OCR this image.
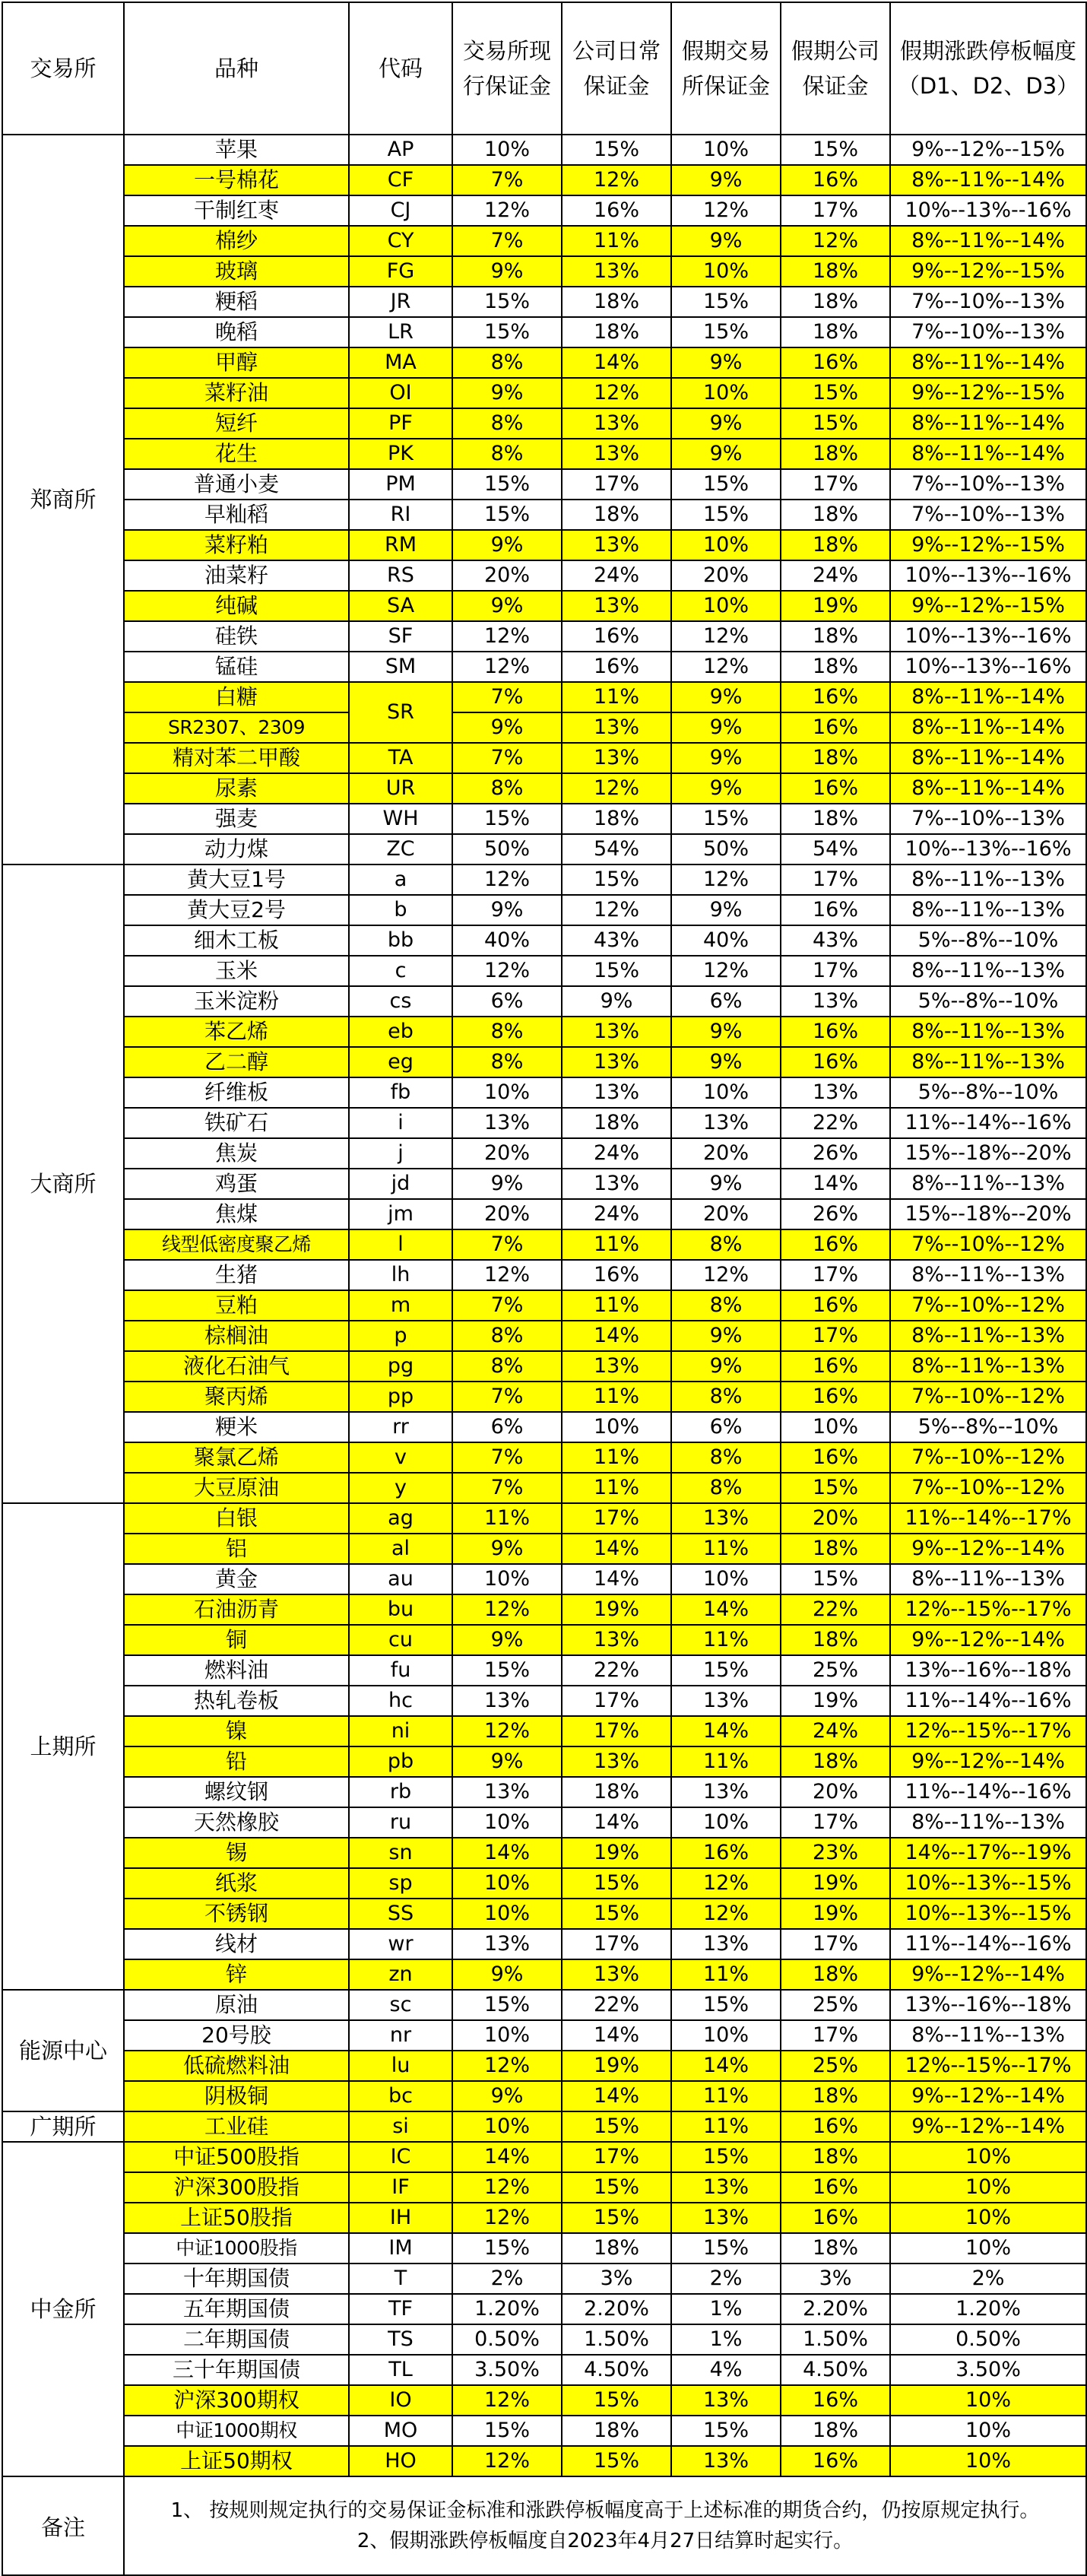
交易所	品种	代码	交易所现行保证金	公司日常保证金	假期交易所保证金	假期公司保证金	假期涨跌停板幅度（D1、D2、D3）
郑商所	苹果	AP	10%	15%	10%	15%	9%--12%--15%
	一号棉花	CF	7%	12%	9%	16%	8%--11%--14%
	干制红枣	CJ	12%	16%	12%	17%	10%--13%--16%
	棉纱	CY	7%	11%	9%	12%	8%--11%--14%
	玻璃	FG	9%	13%	10%	18%	9%--12%--15%
	粳稻	JR	15%	18%	15%	18%	7%--10%--13%
	晚稻	LR	15%	18%	15%	18%	7%--10%--13%
	甲醇	MA	8%	14%	9%	16%	8%--11%--14%
	菜籽油	OI	9%	12%	10%	15%	9%--12%--15%
	短纤	PF	8%	13%	9%	15%	8%--11%--14%
	花生	PK	8%	13%	9%	18%	8%--11%--14%
	普通小麦	PM	15%	17%	15%	17%	7%--10%--13%
	早籼稻	RI	15%	18%	15%	18%	7%--10%--13%
	菜籽粕	RM	9%	13%	10%	18%	9%--12%--15%
	油菜籽	RS	20%	24%	20%	24%	10%--13%--16%
	纯碱	SA	9%	13%	10%	19%	9%--12%--15%
	硅铁	SF	12%	16%	12%	18%	10%--13%--16%
	锰硅	SM	12%	16%	12%	18%	10%--13%--16%
	白糖	SR	7%	11%	9%	16%	8%--11%--14%
	SR2307、2309		9%	13%	9%	16%	8%--11%--14%
	精对苯二甲酸	TA	7%	13%	9%	18%	8%--11%--14%
	尿素	UR	8%	12%	9%	16%	8%--11%--14%
	强麦	WH	15%	18%	15%	18%	7%--10%--13%
	动力煤	ZC	50%	54%	50%	54%	10%--13%--16%
大商所	黄大豆1号	a	12%	15%	12%	17%	8%--11%--13%
	黄大豆2号	b	9%	12%	9%	16%	8%--11%--13%
	细木工板	bb	40%	43%	40%	43%	5%--8%--10%
	玉米	c	12%	15%	12%	17%	8%--11%--13%
	玉米淀粉	cs	6%	9%	6%	13%	5%--8%--10%
	苯乙烯	eb	8%	13%	9%	16%	8%--11%--13%
	乙二醇	eg	8%	13%	9%	16%	8%--11%--13%
	纤维板	fb	10%	13%	10%	13%	5%--8%--10%
	铁矿石	i	13%	18%	13%	22%	11%--14%--16%
	焦炭	j	20%	24%	20%	26%	15%--18%--20%
	鸡蛋	jd	9%	13%	9%	14%	8%--11%--13%
	焦煤	jm	20%	24%	20%	26%	15%--18%--20%
	线型低密度聚乙烯	l	7%	11%	8%	16%	7%--10%--12%
	生猪	lh	12%	16%	12%	17%	8%--11%--13%
	豆粕	m	7%	11%	8%	16%	7%--10%--12%
	棕榈油	p	8%	14%	9%	17%	8%--11%--13%
	液化石油气	pg	8%	13%	9%	16%	8%--11%--13%
	聚丙烯	pp	7%	11%	8%	16%	7%--10%--12%
	粳米	rr	6%	10%	6%	10%	5%--8%--10%
	聚氯乙烯	v	7%	11%	8%	16%	7%--10%--12%
	大豆原油	y	7%	11%	8%	15%	7%--10%--12%
上期所	白银	ag	11%	17%	13%	20%	11%--14%--17%
	铝	al	9%	14%	11%	18%	9%--12%--14%
	黄金	au	10%	14%	10%	15%	8%--11%--13%
	石油沥青	bu	12%	19%	14%	22%	12%--15%--17%
	铜	cu	9%	13%	11%	18%	9%--12%--14%
	燃料油	fu	15%	22%	15%	25%	13%--16%--18%
	热轧卷板	hc	13%	17%	13%	19%	11%--14%--16%
	镍	ni	12%	17%	14%	24%	12%--15%--17%
	铅	pb	9%	13%	11%	18%	9%--12%--14%
	螺纹钢	rb	13%	18%	13%	20%	11%--14%--16%
	天然橡胶	ru	10%	14%	10%	17%	8%--11%--13%
	锡	sn	14%	19%	16%	23%	14%--17%--19%
	纸浆	sp	10%	15%	12%	19%	10%--13%--15%
	不锈钢	SS	10%	15%	12%	19%	10%--13%--15%
	线材	wr	13%	17%	13%	17%	11%--14%--16%
	锌	zn	9%	13%	11%	18%	9%--12%--14%
能源中心	原油	sc	15%	22%	15%	25%	13%--16%--18%
	20号胶	nr	10%	14%	10%	17%	8%--11%--13%
	低硫燃料油	lu	12%	19%	14%	25%	12%--15%--17%
	阴极铜	bc	9%	14%	11%	18%	9%--12%--14%
广期所	工业硅	si	10%	15%	11%	16%	9%--12%--14%
中金所	中证500股指	IC	14%	17%	15%	18%	10%
	沪深300股指	IF	12%	15%	13%	16%	10%
	上证50股指	IH	12%	15%	13%	16%	10%
	中证1000股指	IM	15%	18%	15%	18%	10%
	十年期国债	T	2%	3%	2%	3%	2%
	五年期国债	TF	1.20%	2.20%	1%	2.20%	1.20%
	二年期国债	TS	0.50%	1.50%	1%	1.50%	0.50%
	三十年期国债	TL	3.50%	4.50%	4%	4.50%	3.50%
	沪深300期权	IO	12%	15%	13%	16%	10%
	中证1000期权	MO	15%	18%	15%	18%	10%
	上证50期权	HO	12%	15%	13%	16%	10%
备注	1、 按规则规定执行的交易保证金标准和涨跌停板幅度高于上述标准的期货合约，仍按原规定执行。
2、假期涨跌停板幅度自2023年4月27日结算时起实行。						
